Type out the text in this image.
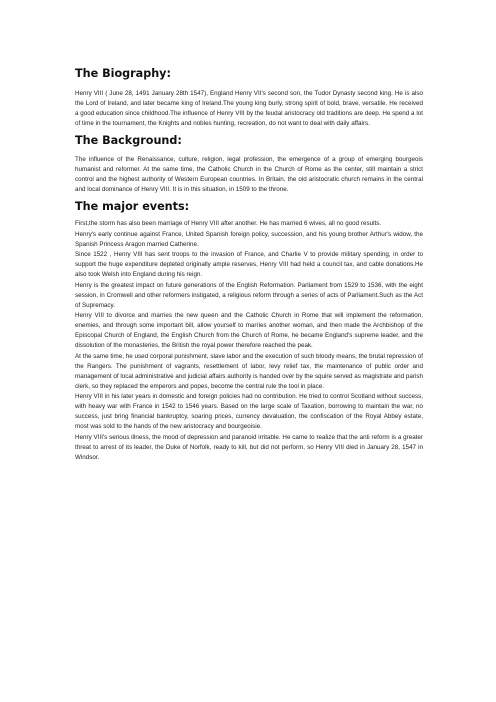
The Biography:

Henry VIII ( June 28, 1491 January 28th 1547), England Henry VII's second son, the Tudor Dynasty second king. He is also the Lord of Ireland, and later became king of Ireland.The young king burly, strong spirit of bold, brave, versatile. He received a good education since childhood.The influence of Henry VIII by the feudal aristocracy old traditions are deep. He spend a lot of time in the tournament, the Knights and nobles hunting, recreation, do not want to deal with daily affairs.

The Background:

The influence of the Renaissance, culture, religion, legal profession, the emergence of a group of emerging bourgeois humanist and reformer. At the same time, the Catholic Church in the Church of Rome as the center, still maintain a strict control and the highest authority of Western European countries. In Britain, the old aristocratic church remains in the central and local dominance of Henry VIII. It is in this situation, in 1509 to the throne.

The major events:

First,the storm has also been marriage of Henry VIII after another. He has married 6 wives, all no good results.

Henry's early continue against France, United Spanish foreign policy, succession, and his young brother Arthur's widow, the Spanish Princess Aragon married Catherine.

Since 1522 , Henry VIII has sent troops to the invasion of France, and Charlie V to provide military spending, in order to support the huge expenditure depleted originally ample reserves, Henry VIII had held a council tax, and cable donations.He also took Welsh into England during his reign.

Henry is the greatest impact on future generations of the English Reformation. Parliament from 1529 to 1536, with the eight session, in Cromwell and other reformers instigated, a religious reform through a series of acts of Parliament.Such as the Act of Supremacy.

Henry VIII to divorce and marries the new queen and the Catholic Church in Rome that will implement the reformation, enemies, and through some important bill, allow yourself to marries another woman, and then made the Archbishop of the Episcopal Church of England, the English Church from the Church of Rome, he became England's supreme leader, and the dissolution of the monasteries, the British the royal power therefore reached the peak.

At the same time, he used corporal punishment, slave labor and the execution of such bloody means, the brutal repression of the Rangers. The punishment of vagrants, resettlement of labor, levy relief tax, the maintenance of public order and management of local administrative and judicial affairs authority is handed over by the squire served as magistrate and parish clerk, so they replaced the emperors and popes, become the central rule the tool in place.

Henry VIII in his later years in domestic and foreign policies had no contribution. He tried to control Scotland without success, with heavy war with France in 1542 to 1546 years. Based on the large scale of Taxation, borrowing to maintain the war, no success, just bring financial bankruptcy, soaring prices, currency devaluation, the confiscation of the Royal Abbey estate, most was sold to the hands of the new aristocracy and bourgeoisie.

Henry VIII's serious illness, the mood of depression and paranoid irritable. He came to realize that the anti reform is a greater threat to arrest of its leader, the Duke of Norfolk, ready to kill, but did not perform, so Henry VIII died in January 28, 1547 in Windsor.
